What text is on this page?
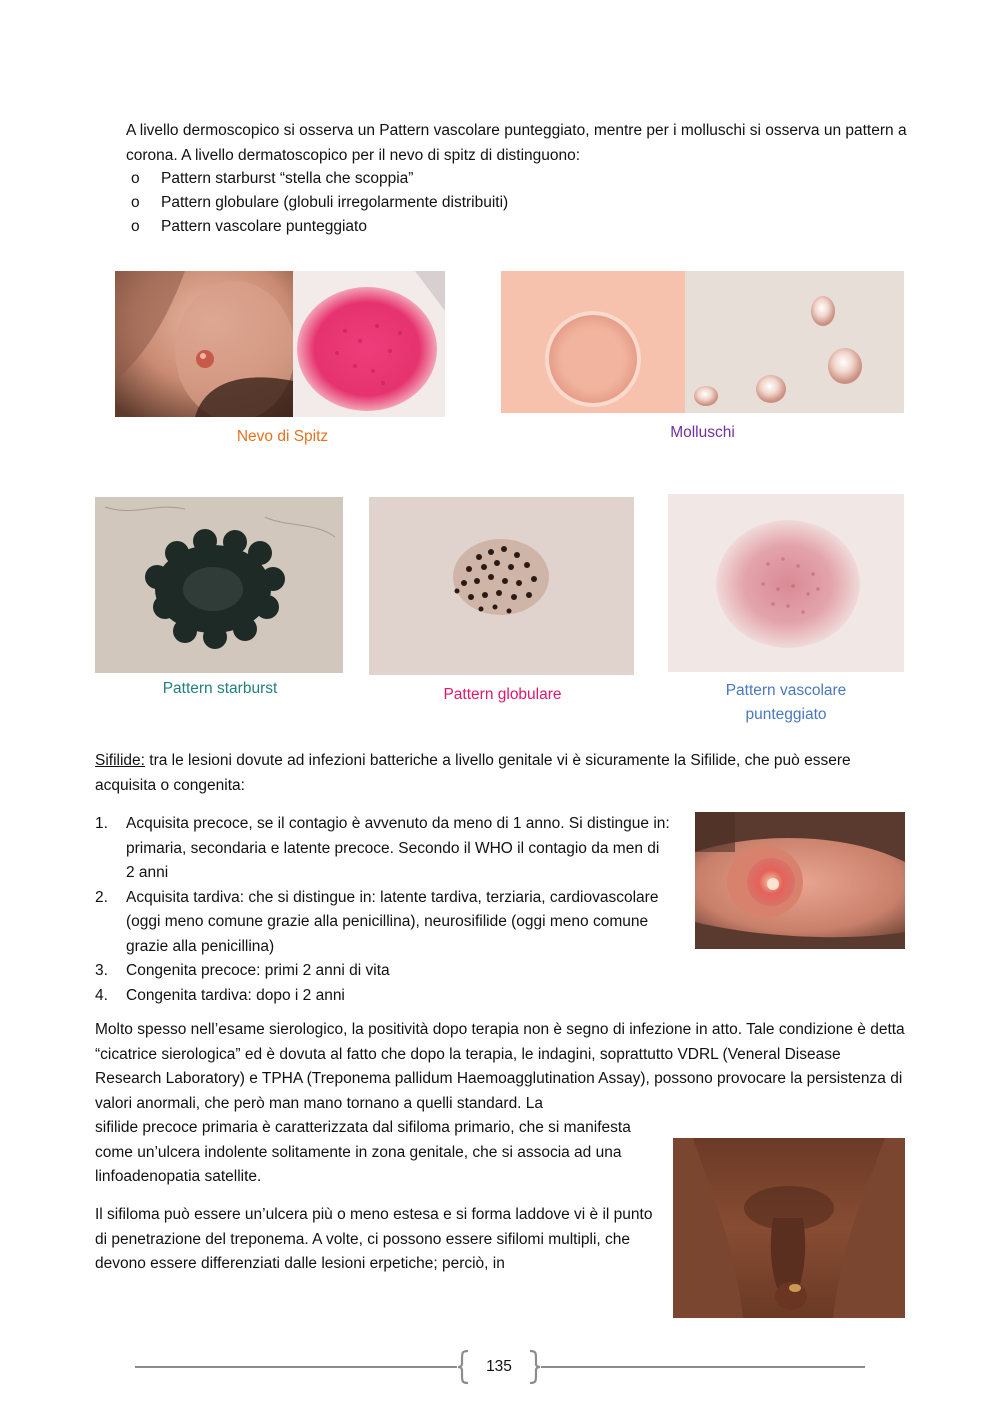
A livello dermoscopico si osserva un Pattern vascolare punteggiato, mentre per i molluschi si osserva un pattern a corona. A livello dermatoscopico per il nevo di spitz di distinguono:

o Pattern starburst “stella che scoppia”
o Pattern globulare (globuli irregolarmente distribuiti)
o Pattern vascolare punteggiato
Nevo di Spitz	Molluschi
Pattern starburst	Pattern globulare	Pattern vascolare punteggiato

Sifilide: tra le lesioni dovute ad infezioni batteriche a livello genitale vi è sicuramente la Sifilide, che può essere acquisita o congenita:

1. Acquisita precoce, se il contagio è avvenuto da meno di 1 anno. Si distingue in: primaria, secondaria e latente precoce. Secondo il WHO il contagio da men di 2 anni
2. Acquisita tardiva: che si distingue in: latente tardiva, terziaria, cardiovascolare (oggi meno comune grazie alla penicillina), neurosifilide (oggi meno comune grazie alla penicillina)
3. Congenita precoce: primi 2 anni di vita
4. Congenita tardiva: dopo i 2 anni

Molto spesso nell’esame sierologico, la positività dopo terapia non è segno di infezione in atto. Tale condizione è detta “cicatrice sierologica” ed è dovuta al fatto che dopo la terapia, le indagini, soprattutto VDRL (Veneral Disease Research Laboratory) e TPHA (Treponema pallidum Haemoagglutination Assay), possono provocare la persistenza di valori anormali, che però man mano tornano a quelli standard. La

sifilide precoce primaria è caratterizzata dal sifiloma primario, che si manifesta come un’ulcera indolente solitamente in zona genitale, che si associa ad una linfoadenopatia satellite.

Il sifiloma può essere un’ulcera più o meno estesa e si forma laddove vi è il punto di penetrazione del treponema. A volte, ci possono essere sifilomi multipli, che devono essere differenziati dalle lesioni erpetiche; perciò, in

135
